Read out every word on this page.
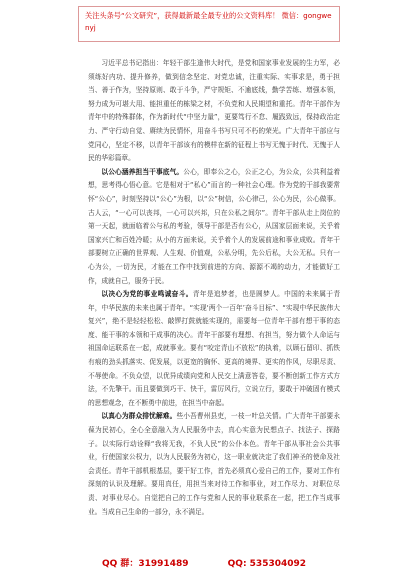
关注头条号“公文研究”，获得最新最全最专业的公文资料库！ 微信：gongwenyj

习近平总书记指出：年轻干部生逢伟大时代，是党和国家事业发展的生力军，必须练好内功、提升修养，做到信念坚定、对党忠诚，注重实际、实事求是，勇于担当、善于作为，坚持原则、敢于斗争，严守规矩、不逾底线，勤学苦练、增强本领，努力成为可堪大用、能担重任的栋梁之材，不负党和人民期望和重托。青年干部作为青年中的特殊群体，作为新时代“中坚力量”，更要笃行不怠、履践致远，保持政治定力、严守行动自觉、赓续为民情怀，用奋斗书写只可不朽的荣光。广大青年干部应与党同心，坚定不移，以青年干部该有的模样在新的征程上书写无愧于时代、无愧于人民的华彩篇章。

以公心涵养担当干事底气。公心，即奉公之心，公正之心，为公众，公共利益着想，思考得心悟心意。它是相对于“私心”而言的一种社会心理。作为党的干部我要常怀“公心”，时刻坚持以“公心”为根，以“公”树信，公心律己，公心为民，公心做事。古人云，“一心可以丧邦，一心可以兴邦，只在公私之间尔”。青年干部从走上岗位的第一天起，就面临着公与私的考验，领导干部是否有公心，从国家层面来说，关乎着国家兴亡和百姓冷暖；从小的方面来说，关乎着个人的发展前途和事业成败。青年干部要树立正确的世界观、人生观、价值观，公私分明，先公后私，大公无私。只有一心为公，一切为民，才能在工作中找到前进的方向、源源不竭的动力，才能做好工作，成就自己，服务于民。

以决心为党的事业鸣诚奋斗。青年是追梦者，也是圆梦人。中国的未来属于青年，中华民族的未来也属于青年。“实现‘两个一百年’奋斗目标”、“实现中华民族伟大复兴”，绝不是轻轻松松、敲锣打鼓就能实现的，需要每一位青年干部有想干事的态度、能干事的本领和干成事的决心。青年干部要有理想、有担当，努力做个人命运与祖国命运联系在一起，成就事业。要有“咬定青山不放松”的执着，以顾石留印、抓铁有痕的劲头抓落实、促发展，以更宽的胸怀、更高的境界、更实的作风，尽职尽责、不辱使命。不负众望，以优异成绩向党和人民交上满意答卷，要不断创新工作方式方法，不先擎干。而且要做到巧干、快干，雷厉风行，立说立行，要敢于冲破固有模式的思想观念，在不断勇中前进，在担当中奋起。

以真心为群众排忧解难。些小吾曹州县吏，一枝一叶总关情。广大青年干部要永葆为民初心，全心全意融入为人民服务中去，真心实意为民想点子、找法子、探路子。以实际行动诠释“我将无我，不负人民”的公仆本色。青年干部从事社会公共事业，行使国家公权力，以为人民服务为初心，这一职业就决定了我们神圣的使命及社会责任。青年干部机根基层，要干好工作，首先必须真心爱自己的工作，要对工作有深刻的认识及理解。要用真任，用担当来对待工作和事业，对工作尽力、对职位尽责、对事业尽心。自觉把自己的工作与党和人民的事业联系在一起，把工作当成事业。当成自己生命的一部分，永不满足。

QQ 群：31991489	QQ: 535304092
